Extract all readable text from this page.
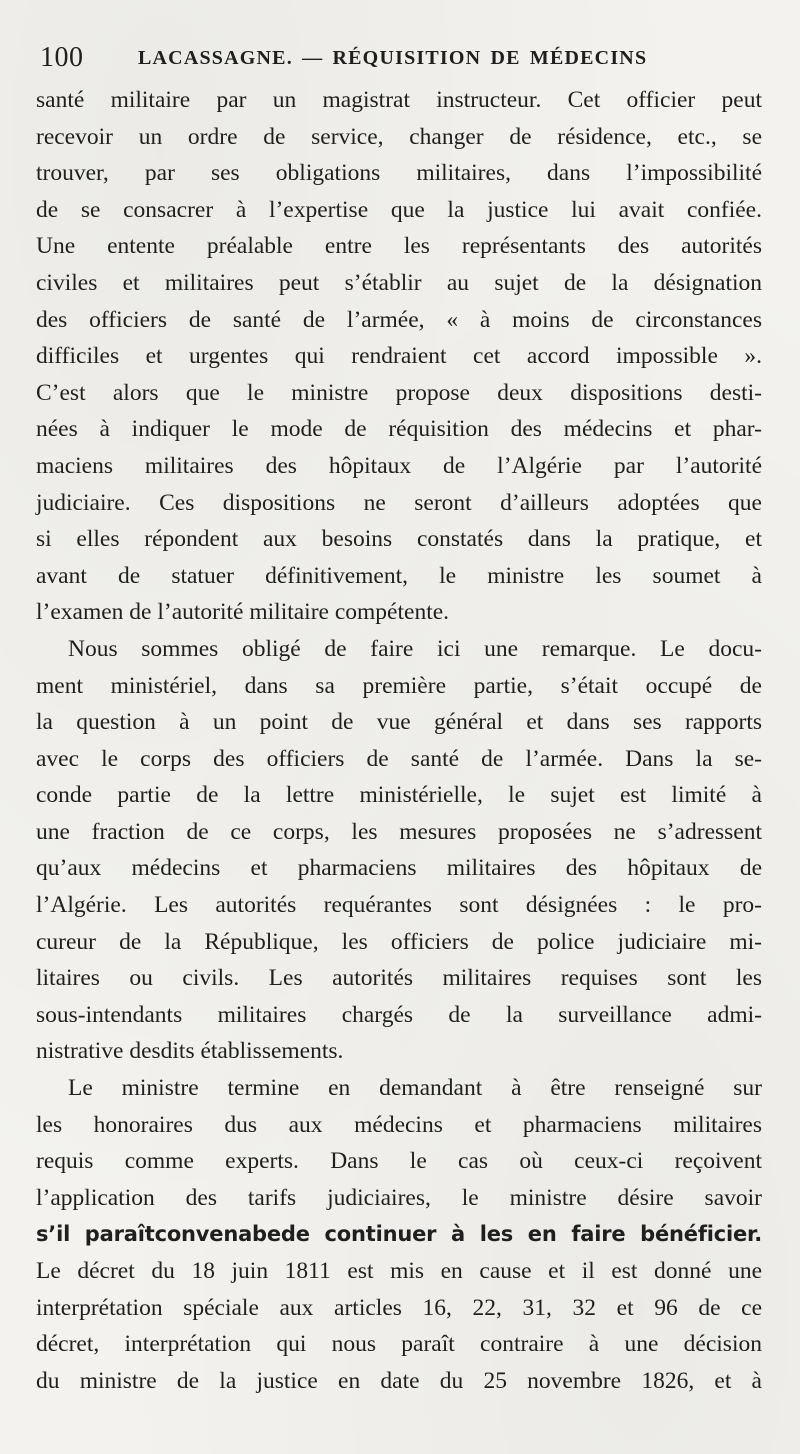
100	LACASSAGNE. — RÉQUISITION DE MÉDECINS
santé militaire par un magistrat instructeur. Cet officier peut
recevoir un ordre de service, changer de résidence, etc., se
trouver, par ses obligations militaires, dans l’impossibilité
de se consacrer à l’expertise que la justice lui avait confiée.
Une entente préalable entre les représentants des autorités
civiles et militaires peut s’établir au sujet de la désignation
des officiers de santé de l’armée, « à moins de circonstances
difficiles et urgentes qui rendraient cet accord impossible ».
C’est alors que le ministre propose deux dispositions desti-
nées à indiquer le mode de réquisition des médecins et phar-
maciens militaires des hôpitaux de l’Algérie par l’autorité
judiciaire. Ces dispositions ne seront d’ailleurs adoptées que
si elles répondent aux besoins constatés dans la pratique, et
avant de statuer définitivement, le ministre les soumet à
l’examen de l’autorité militaire compétente.
Nous sommes obligé de faire ici une remarque. Le docu-
ment ministériel, dans sa première partie, s’était occupé de
la question à un point de vue général et dans ses rapports
avec le corps des officiers de santé de l’armée. Dans la se-
conde partie de la lettre ministérielle, le sujet est limité à
une fraction de ce corps, les mesures proposées ne s’adressent
qu’aux médecins et pharmaciens militaires des hôpitaux de
l’Algérie. Les autorités requérantes sont désignées : le pro-
cureur de la République, les officiers de police judiciaire mi-
litaires ou civils. Les autorités militaires requises sont les
sous-intendants militaires chargés de la surveillance admi-
nistrative desdits établissements.
Le ministre termine en demandant à être renseigné sur
les honoraires dus aux médecins et pharmaciens militaires
requis comme experts. Dans le cas où ceux-ci reçoivent
l’application des tarifs judiciaires, le ministre désire savoir
s’il paraîtconvenabede continuer à les en faire bénéficier.
Le décret du 18 juin 1811 est mis en cause et il est donné une
interprétation spéciale aux articles 16, 22, 31, 32 et 96 de ce
décret, interprétation qui nous paraît contraire à une décision
du ministre de la justice en date du 25 novembre 1826, et à
